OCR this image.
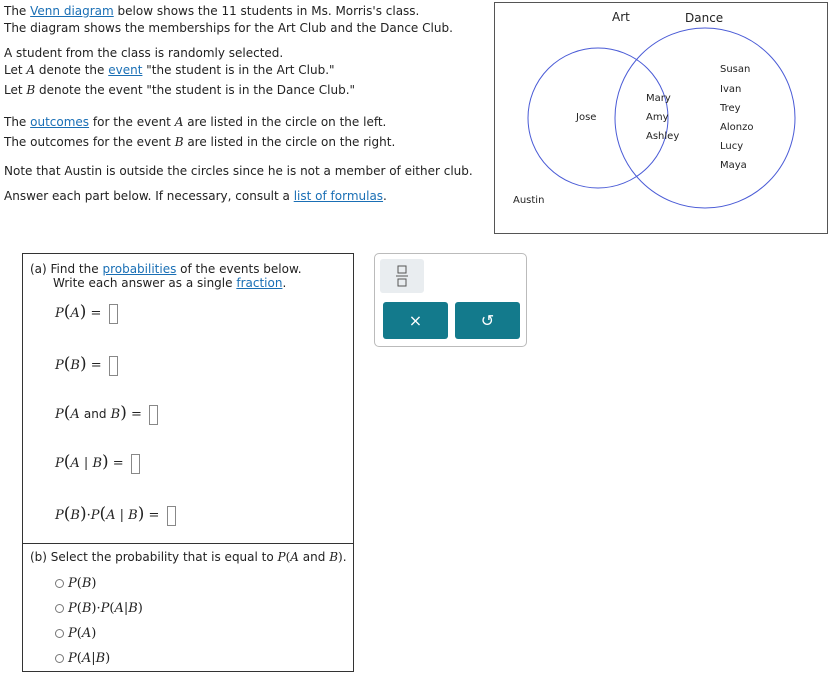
The Venn diagram below shows the 11 students in Ms. Morris's class.
The diagram shows the memberships for the Art Club and the Dance Club.
A student from the class is randomly selected.
Let A denote the event "the student is in the Art Club."
Let B denote the event "the student is in the Dance Club."
The outcomes for the event A are listed in the circle on the left.
The outcomes for the event B are listed in the circle on the right.
Note that Austin is outside the circles since he is not a member of either club.
Answer each part below. If necessary, consult a list of formulas.
Art	Dance
Jose
Mary
Amy
Ashley
Susan
Ivan
Trey
Alonzo
Lucy
Maya
Austin
(a) Find the probabilities of the events below.
Write each answer as a single fraction.
P(A) =
P(B) =
P(A and B) =
P(A | B) =
P(B)·P(A | B) =
(b) Select the probability that is equal to P(A and B).
P(B)
P(B)·P(A|B)
P(A)
P(A|B)
×	↺
